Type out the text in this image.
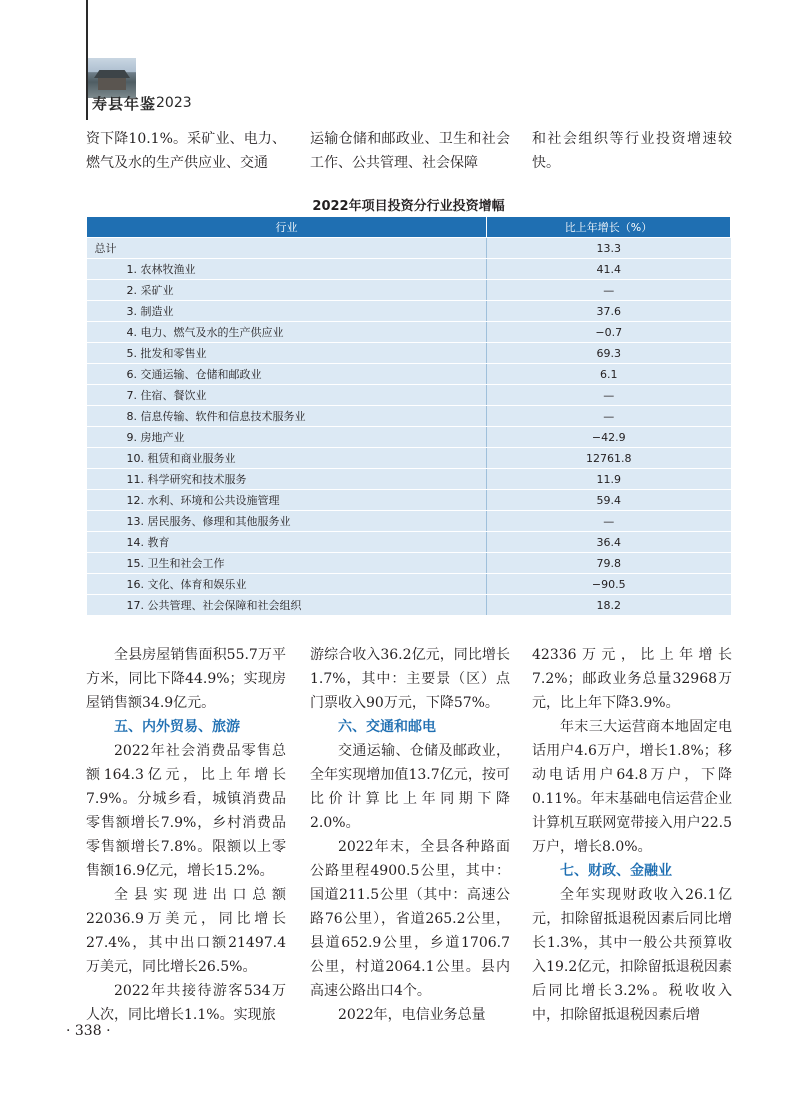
寿县年鉴 2023

资下降10.1%。采矿业、电力、燃气及水的生产供应业、交通

运输仓储和邮政业、卫生和社会工作、公共管理、社会保障

和社会组织等行业投资增速较快。

2022年项目投资分行业投资增幅
行业	比上年增长（%）
总计	13.3
1. 农林牧渔业	41.4
2. 采矿业	—
3. 制造业	37.6
4. 电力、燃气及水的生产供应业	−0.7
5. 批发和零售业	69.3
6. 交通运输、仓储和邮政业	6.1
7. 住宿、餐饮业	—
8. 信息传输、软件和信息技术服务业	—
9. 房地产业	−42.9
10. 租赁和商业服务业	12761.8
11. 科学研究和技术服务	11.9
12. 水利、环境和公共设施管理	59.4
13. 居民服务、修理和其他服务业	—
14. 教育	36.4
15. 卫生和社会工作	79.8
16. 文化、体育和娱乐业	−90.5
17. 公共管理、社会保障和社会组织	18.2

全县房屋销售面积55.7万平方米，同比下降44.9%；实现房屋销售额34.9亿元。

五、内外贸易、旅游

2022年社会消费品零售总额164.3亿元，比上年增长7.9%。分城乡看，城镇消费品零售额增长7.9%，乡村消费品零售额增长7.8%。限额以上零售额16.9亿元，增长15.2%。

全县实现进出口总额22036.9万美元，同比增长27.4%，其中出口额21497.4万美元，同比增长26.5%。

2022年共接待游客534万人次，同比增长1.1%。实现旅

游综合收入36.2亿元，同比增长1.7%，其中：主要景（区）点门票收入90万元，下降57%。

六、交通和邮电

交通运输、仓储及邮政业，全年实现增加值13.7亿元，按可比价计算比上年同期下降2.0%。

2022年末，全县各种路面公路里程4900.5公里，其中：国道211.5公里（其中：高速公路76公里），省道265.2公里，县道652.9公里，乡道1706.7公里，村道2064.1公里。县内高速公路出口4个。

2022年，电信业务总量

42336万元，比上年增长7.2%；邮政业务总量32968万元，比上年下降3.9%。

年末三大运营商本地固定电话用户4.6万户，增长1.8%；移动电话用户64.8万户，下降0.11%。年末基础电信运营企业计算机互联网宽带接入用户22.5万户，增长8.0%。

七、财政、金融业

全年实现财政收入26.1亿元，扣除留抵退税因素后同比增长1.3%，其中一般公共预算收入19.2亿元，扣除留抵退税因素后同比增长3.2%。税收收入中，扣除留抵退税因素后增

· 338 ·
